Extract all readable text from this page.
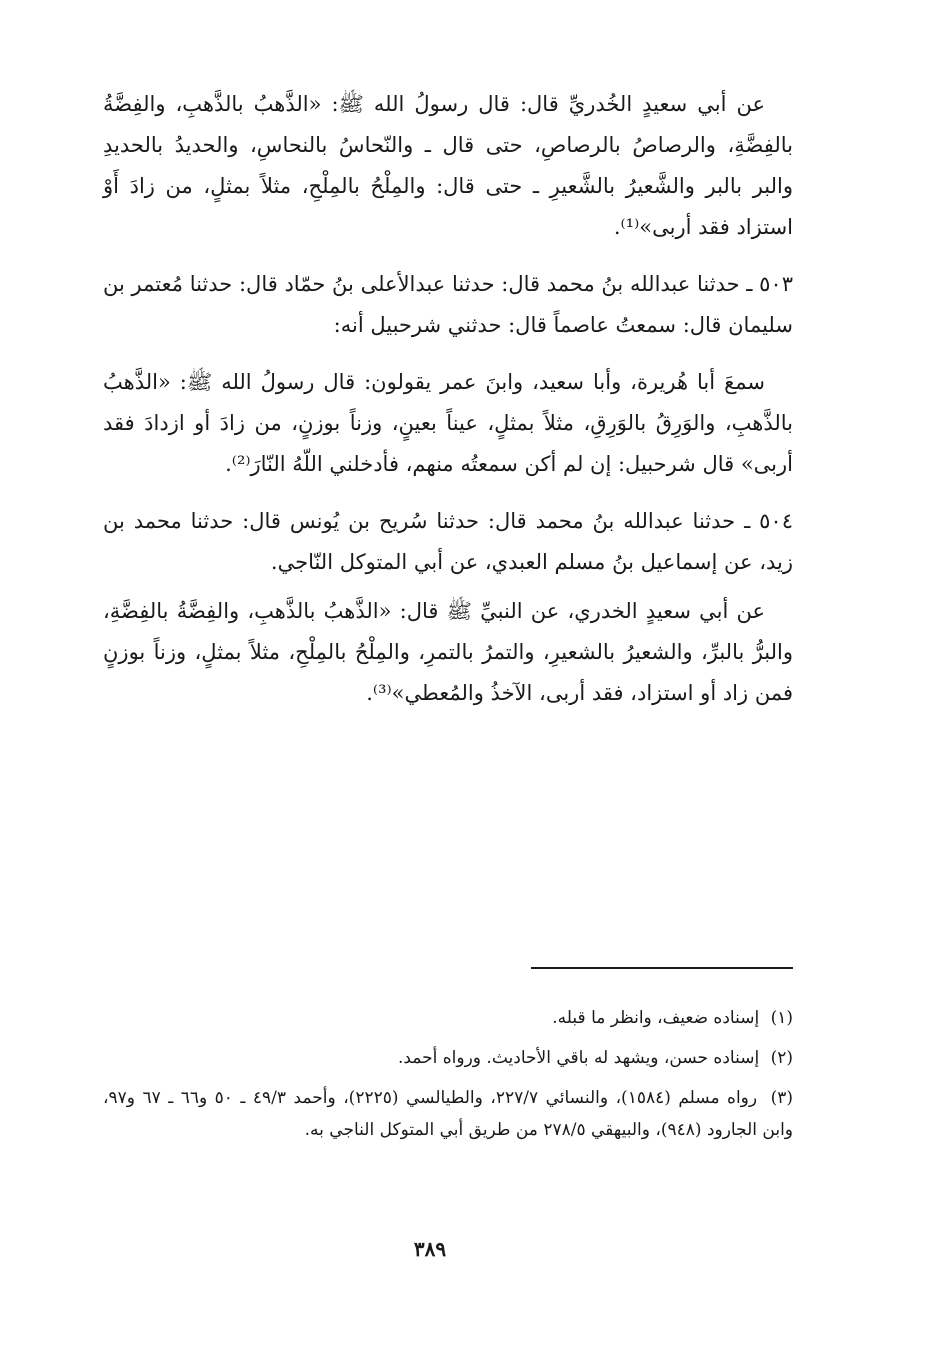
عن أبي سعيدٍ الخُدريِّ قال: قال رسولُ الله ﷺ: «الذَّهبُ بالذَّهبِ، والفِضَّةُ بالفِضَّةِ، والرصاصُ بالرصاصِ، حتى قال ـ والنّحاسُ بالنحاسِ، والحديدُ بالحديدِ والبر بالبر والشَّعيرُ بالشَّعيرِ ـ حتى قال: والمِلْحُ بالمِلْحِ، مثلاً بمثلٍ، من زادَ أَوْ استزاد فقد أربى»⁽¹⁾.

٥٠٣ ـ حدثنا عبدالله بنُ محمد قال: حدثنا عبدالأعلى بنُ حمّاد قال: حدثنا مُعتمر بن سليمان قال: سمعتُ عاصماً قال: حدثني شرحبيل أنه:

سمعَ أبا هُريرة، وأبا سعيد، وابنَ عمر يقولون: قال رسولُ الله ﷺ: «الذَّهبُ بالذَّهبِ، والوَرِقُ بالوَرِقِ، مثلاً بمثلٍ، عيناً بعينٍ، وزناً بوزنٍ، من زادَ أو ازدادَ فقد أربى» قال شرحبيل: إن لم أكن سمعتُه منهم، فأدخلني اللّهُ النّارَ⁽²⁾.

٥٠٤ ـ حدثنا عبدالله بنُ محمد قال: حدثنا سُريح بن يُونس قال: حدثنا محمد بن زيد، عن إسماعيل بنُ مسلم العبدي، عن أبي المتوكل النّاجي.

عن أبي سعيدٍ الخدري، عن النبيِّ ﷺ قال: «الذَّهبُ بالذَّهبِ، والفِضَّةُ بالفِضَّةِ، والبرُّ بالبرِّ، والشعيرُ بالشعيرِ، والتمرُ بالتمرِ، والمِلْحُ بالمِلْحِ، مثلاً بمثلٍ، وزناً بوزنٍ فمن زاد أو استزاد، فقد أربى، الآخذُ والمُعطي»⁽³⁾.

(١) إسناده ضعيف، وانظر ما قبله.

(٢) إسناده حسن، ويشهد له باقي الأحاديث. ورواه أحمد.

(٣) رواه مسلم (١٥٨٤)، والنسائي ٢٢٧/٧، والطيالسي (٢٢٢٥)، وأحمد ٤٩/٣ ـ ٥٠ و٦٦ ـ ٦٧ و٩٧، وابن الجارود (٩٤٨)، والبيهقي ٢٧٨/٥ من طريق أبي المتوكل الناجي به.

٣٨٩
